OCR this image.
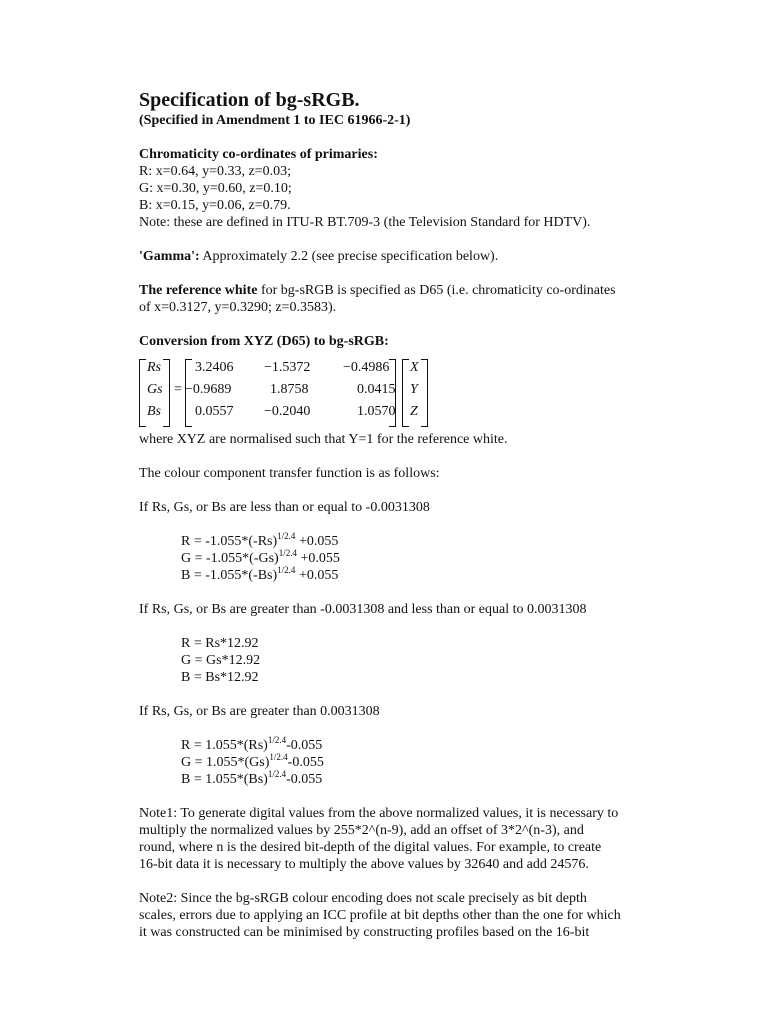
Specification of bg-sRGB.

(Specified in Amendment 1 to IEC 61966-2-1)

Chromaticity co-ordinates of primaries:

R: x=0.64, y=0.33, z=0.03;

G: x=0.30, y=0.60, z=0.10;

B: x=0.15, y=0.06, z=0.79.

Note: these are defined in ITU-R BT.709-3 (the Television Standard for HDTV).

'Gamma': Approximately 2.2 (see precise specification below).

The reference white for bg-sRGB is specified as D65 (i.e. chromaticity co-ordinates

of x=0.3127, y=0.3290; z=0.3583).

Conversion from XYZ (D65) to bg-sRGB:

Rs
Gs
Bs
=
3.2406 −1.5372 −0.4986
−0.9689	1.8758	0.0415
0.0557 −0.2040	1.0570
X
Y
Z

where XYZ are normalised such that Y=1 for the reference white.

The colour component transfer function is as follows:

If Rs, Gs, or Bs are less than or equal to -0.0031308

$R = -1.055*(-Rs)^{1/2.4} +0.055$

$G = -1.055*(-Gs)^{1/2.4} +0.055$

$B = -1.055*(-Bs)^{1/2.4} +0.055$

If Rs, Gs, or Bs are greater than -0.0031308 and less than or equal to 0.0031308

R = Rs*12.92

G = Gs*12.92

B = Bs*12.92

If Rs, Gs, or Bs are greater than 0.0031308

$R = 1.055*(Rs)^{1/2.4}-0.055$

$G = 1.055*(Gs)^{1/2.4}-0.055$

$B = 1.055*(Bs)^{1/2.4}-0.055$

Note1: To generate digital values from the above normalized values, it is necessary to

multiply the normalized values by 255*2^(n-9), add an offset of 3*2^(n-3), and

round, where n is the desired bit-depth of the digital values. For example, to create

16-bit data it is necessary to multiply the above values by 32640 and add 24576.

Note2: Since the bg-sRGB colour encoding does not scale precisely as bit depth

scales, errors due to applying an ICC profile at bit depths other than the one for which

it was constructed can be minimised by constructing profiles based on the 16-bit
